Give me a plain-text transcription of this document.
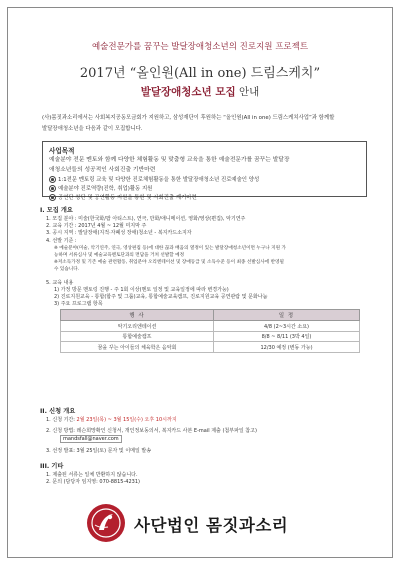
예술전문가를 꿈꾸는 발달장애청소년의 진로지원 프로젝트
2017년 “올인원(All in one) 드림스케치”
발달장애청소년 모집 안내
(사)몸짓과소리에서는 사회복지공동모금회가 지원하고, 삼성재단이 후원하는 “올인원(All in one) 드림스케치사업”과 함께할
발달장애청소년을 다음과 같이 모집합니다.
사업목적
예술분야 전문 멘토와 함께 다양한 체험활동 및 맞춤형 교육을 통한 예술전문가를 꿈꾸는 발달장
애청소년들의 성공적인 사회진출 기반마련
1:1전문 멘토링 교육 및 다양한 진로체험활동을 통한 발달장애청소년 진로예술인 양성
예술분야 진로역량(진학, 취업)활동 지원
공연단 창단 및 공연활동 지원을 통한 및 사회진출 계기마련
I. 모집 개요
1. 모집 분야 : 미술(한국화/팝 아티스트), 연극, 만화/애니메이션, 영화/영상(편집), 악기연주
2. 교육 기간 : 2017년 4월 ~ 12월 미지막 주
3. 공시 지역 : 발달장애(지적·자폐성 장애)청소년 - 복지카드소지자
4. 선발 기준 :
※ 예술분야(미술, 악기연주, 연극, 영상편집 등)에 대한 끊과 배움의 열정이 있는 발달장애청소년이면 누구나 지원 가
능하며 서류심사 및 예술교육멘토단과의 면담을 거쳐 선발할 예정
※저소득가정 및 기존 예술 관련활동, 취업분야 오리엔테이션 및 장애등급 및 소득수준 등이 최종 선발심사에 반영될
수 있습니다.
5. 교육 내용
1) 가정 방문 멘토링 진행 - 주 1회 이상(멘토 일정 및 교육일정에 따라 변경가능)
2) 진로지원교육 - 통합(합주 및 그룹)교육, 통합예술교육캠프, 진로지원교육 공연관람 및 문화나눔
3) 주요 프로그램 항목
행 사	일 정
악기오리엔테이션	4/8 (2~3시간 소요)
통합예술캠프	8/8 ~ 8/11 (3박 4일)
꿈을 꾸는 아이들의 체육학은 음악회	12/30 예정 (변동 가능)
II. 신청 개요
1. 신청 기간: 2월 23일(목) ~ 3월 15일(수) 오후 10시까지
2. 신청 방법: 레슨희망확인 신청서, 개인정보동의서, 복지카드 사본 E-mail 제출 (첨부파일 참고)
mandsfall@naver.com
3. 선정 발표: 3월 25일(토) 문자 및 이메일 발송
III. 기타
1. 제출된 서류는 일체 반환하지 않습니다.
2. 문의 (담당자 임지영: 070-8815-4231)
사단법인 몸짓과소리
